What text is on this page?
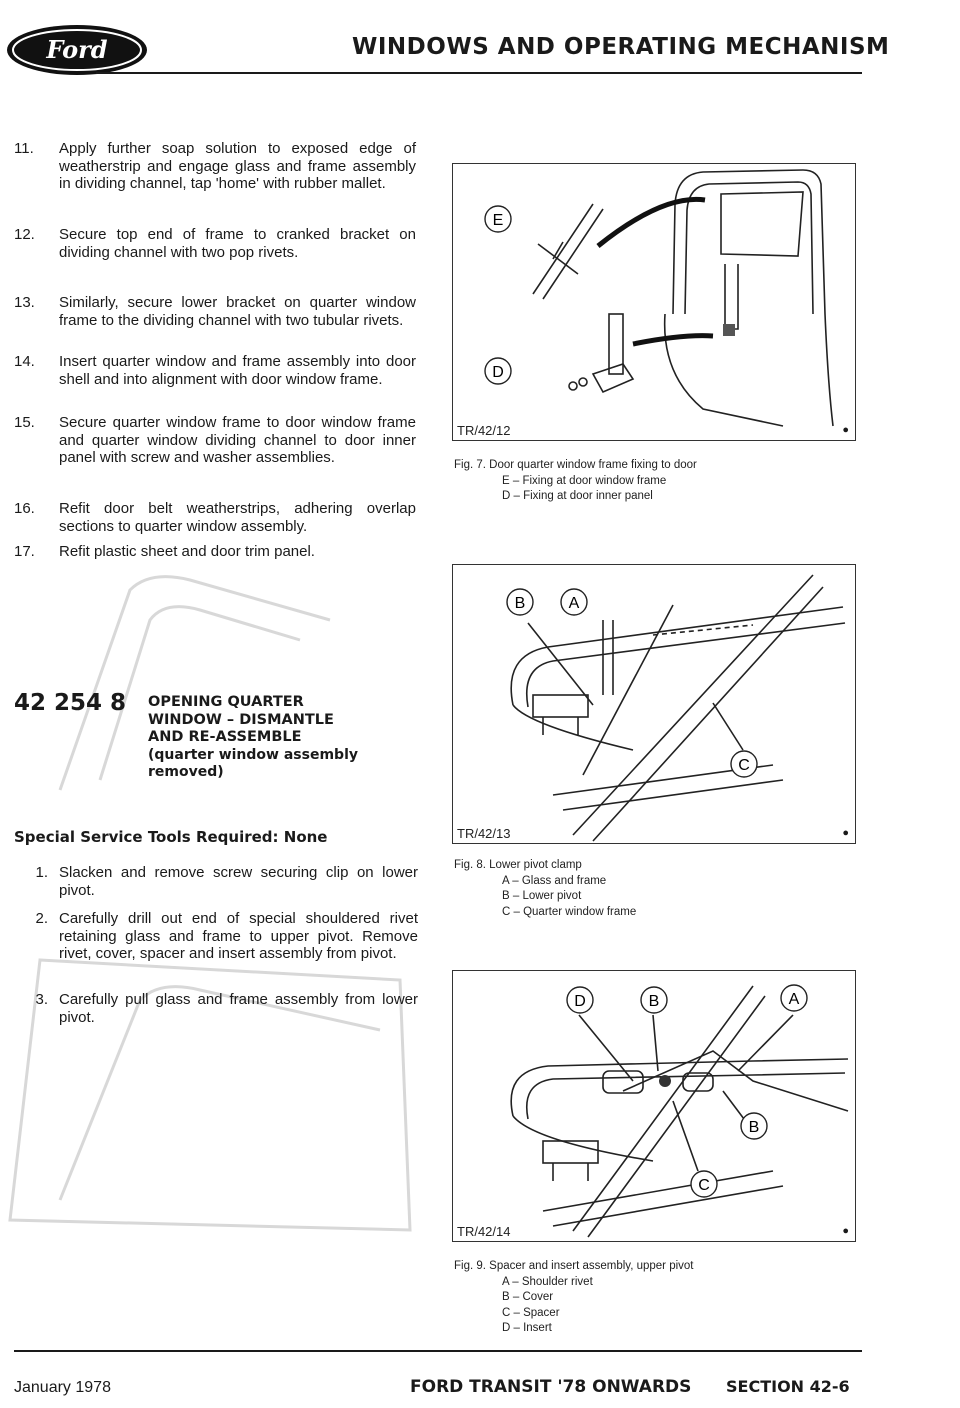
Ford	WINDOWS AND OPERATING MECHANISM
11.	Apply further soap solution to exposed edge of weatherstrip and engage glass and frame assembly in dividing channel, tap 'home' with rubber mallet.
12.	Secure top end of frame to cranked bracket on dividing channel with two pop rivets.
13.	Similarly, secure lower bracket on quarter window frame to the dividing channel with two tubular rivets.
14.	Insert quarter window and frame assembly into door shell and into alignment with door window frame.
15.	Secure quarter window frame to door window frame and quarter window dividing channel to door inner panel with screw and washer assemblies.
16.	Refit door belt weatherstrips, adhering overlap sections to quarter window assembly.
17.	Refit plastic sheet and door trim panel.
42 254 8 OPENING QUARTER
WINDOW – DISMANTLE
AND RE-ASSEMBLE
(quarter window assembly
removed)
Special Service Tools Required: None
1. Slacken and remove screw securing clip on lower pivot.
2. Carefully drill out end of special shouldered rivet retaining glass and frame to upper pivot. Remove rivet, cover, spacer and insert assembly from pivot.
3. Carefully pull glass and frame assembly from lower pivot.
E
D
TR/42/12	●
Fig. 7. Door quarter window frame fixing to door
E – Fixing at door window frame
D – Fixing at door inner panel
B	A
C
TR/42/13	●
Fig. 8. Lower pivot clamp
A – Glass and frame
B – Lower pivot
C – Quarter window frame
D	B	A
B
C
TR/42/14	●
Fig. 9. Spacer and insert assembly, upper pivot
A – Shoulder rivet
B – Cover
C – Spacer
D – Insert
January 1978	FORD TRANSIT '78 ONWARDS SECTION 42-6
